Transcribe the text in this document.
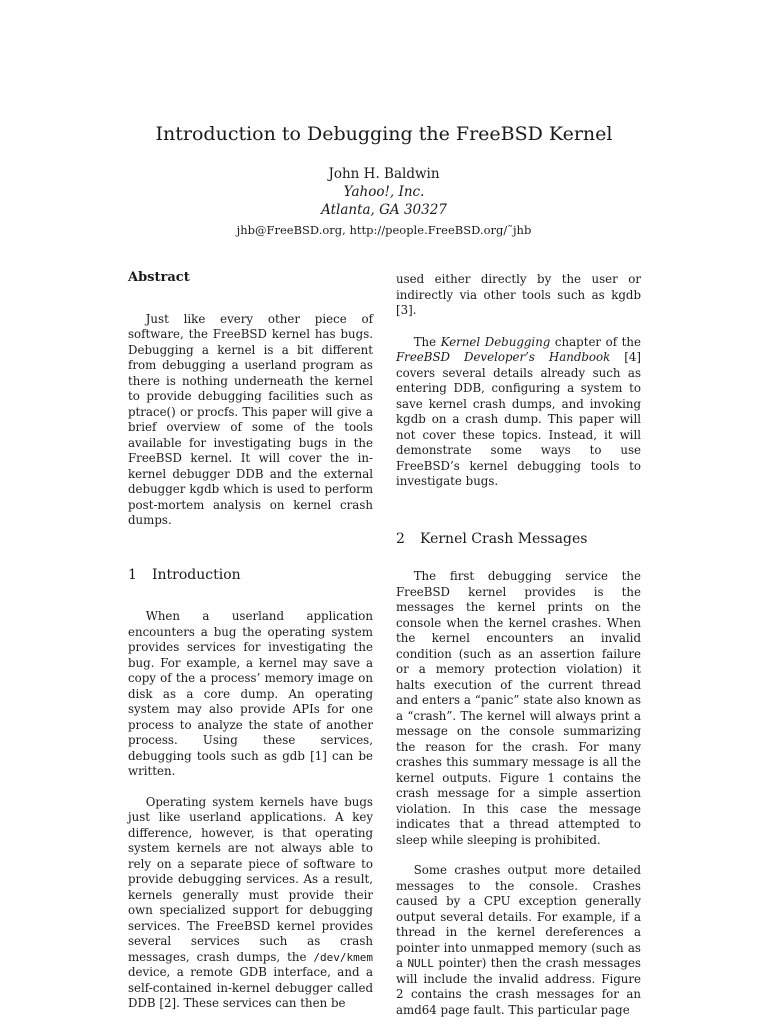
Introduction to Debugging the FreeBSD Kernel
John H. Baldwin
Yahoo!, Inc.
Atlanta, GA 30327
jhb@FreeBSD.org, http://people.FreeBSD.org/˜jhb
Abstract

Just like every other piece of software, the FreeBSD kernel has bugs. Debugging a kernel is a bit different from debugging a userland program as there is nothing underneath the kernel to provide debugging facilities such as ptrace() or procfs. This paper will give a brief overview of some of the tools available for investigating bugs in the FreeBSD kernel. It will cover the in-kernel debugger DDB and the external debugger kgdb which is used to perform post-mortem analysis on kernel crash dumps.

1 Introduction

When a userland application encounters a bug the operating system provides services for investigating the bug. For example, a kernel may save a copy of the a process’ memory image on disk as a core dump. An operating system may also provide APIs for one process to analyze the state of another process. Using these services, debugging tools such as gdb [1] can be written.

Operating system kernels have bugs just like userland applications. A key difference, however, is that operating system kernels are not always able to rely on a separate piece of software to provide debugging services. As a result, kernels generally must provide their own specialized support for debugging services. The FreeBSD kernel provides several services such as crash messages, crash dumps, the /dev/kmem device, a remote GDB interface, and a self-contained in-kernel debugger called DDB [2]. These services can then be

used either directly by the user or indirectly via other tools such as kgdb [3].

The Kernel Debugging chapter of the FreeBSD Developer’s Handbook [4] covers several details already such as entering DDB, configuring a system to save kernel crash dumps, and invoking kgdb on a crash dump. This paper will not cover these topics. Instead, it will demonstrate some ways to use FreeBSD’s kernel debugging tools to investigate bugs.

2 Kernel Crash Messages

The first debugging service the FreeBSD kernel provides is the messages the kernel prints on the console when the kernel crashes. When the kernel encounters an invalid condition (such as an assertion failure or a memory protection violation) it halts execution of the current thread and enters a “panic” state also known as a “crash”. The kernel will always print a message on the console summarizing the reason for the crash. For many crashes this summary message is all the kernel outputs. Figure 1 contains the crash message for a simple assertion violation. In this case the message indicates that a thread attempted to sleep while sleeping is prohibited.

Some crashes output more detailed messages to the console. Crashes caused by a CPU exception generally output several details. For example, if a thread in the kernel dereferences a pointer into unmapped memory (such as a NULL pointer) then the crash messages will include the invalid address. Figure 2 contains the crash messages for an amd64 page fault. This particular page
